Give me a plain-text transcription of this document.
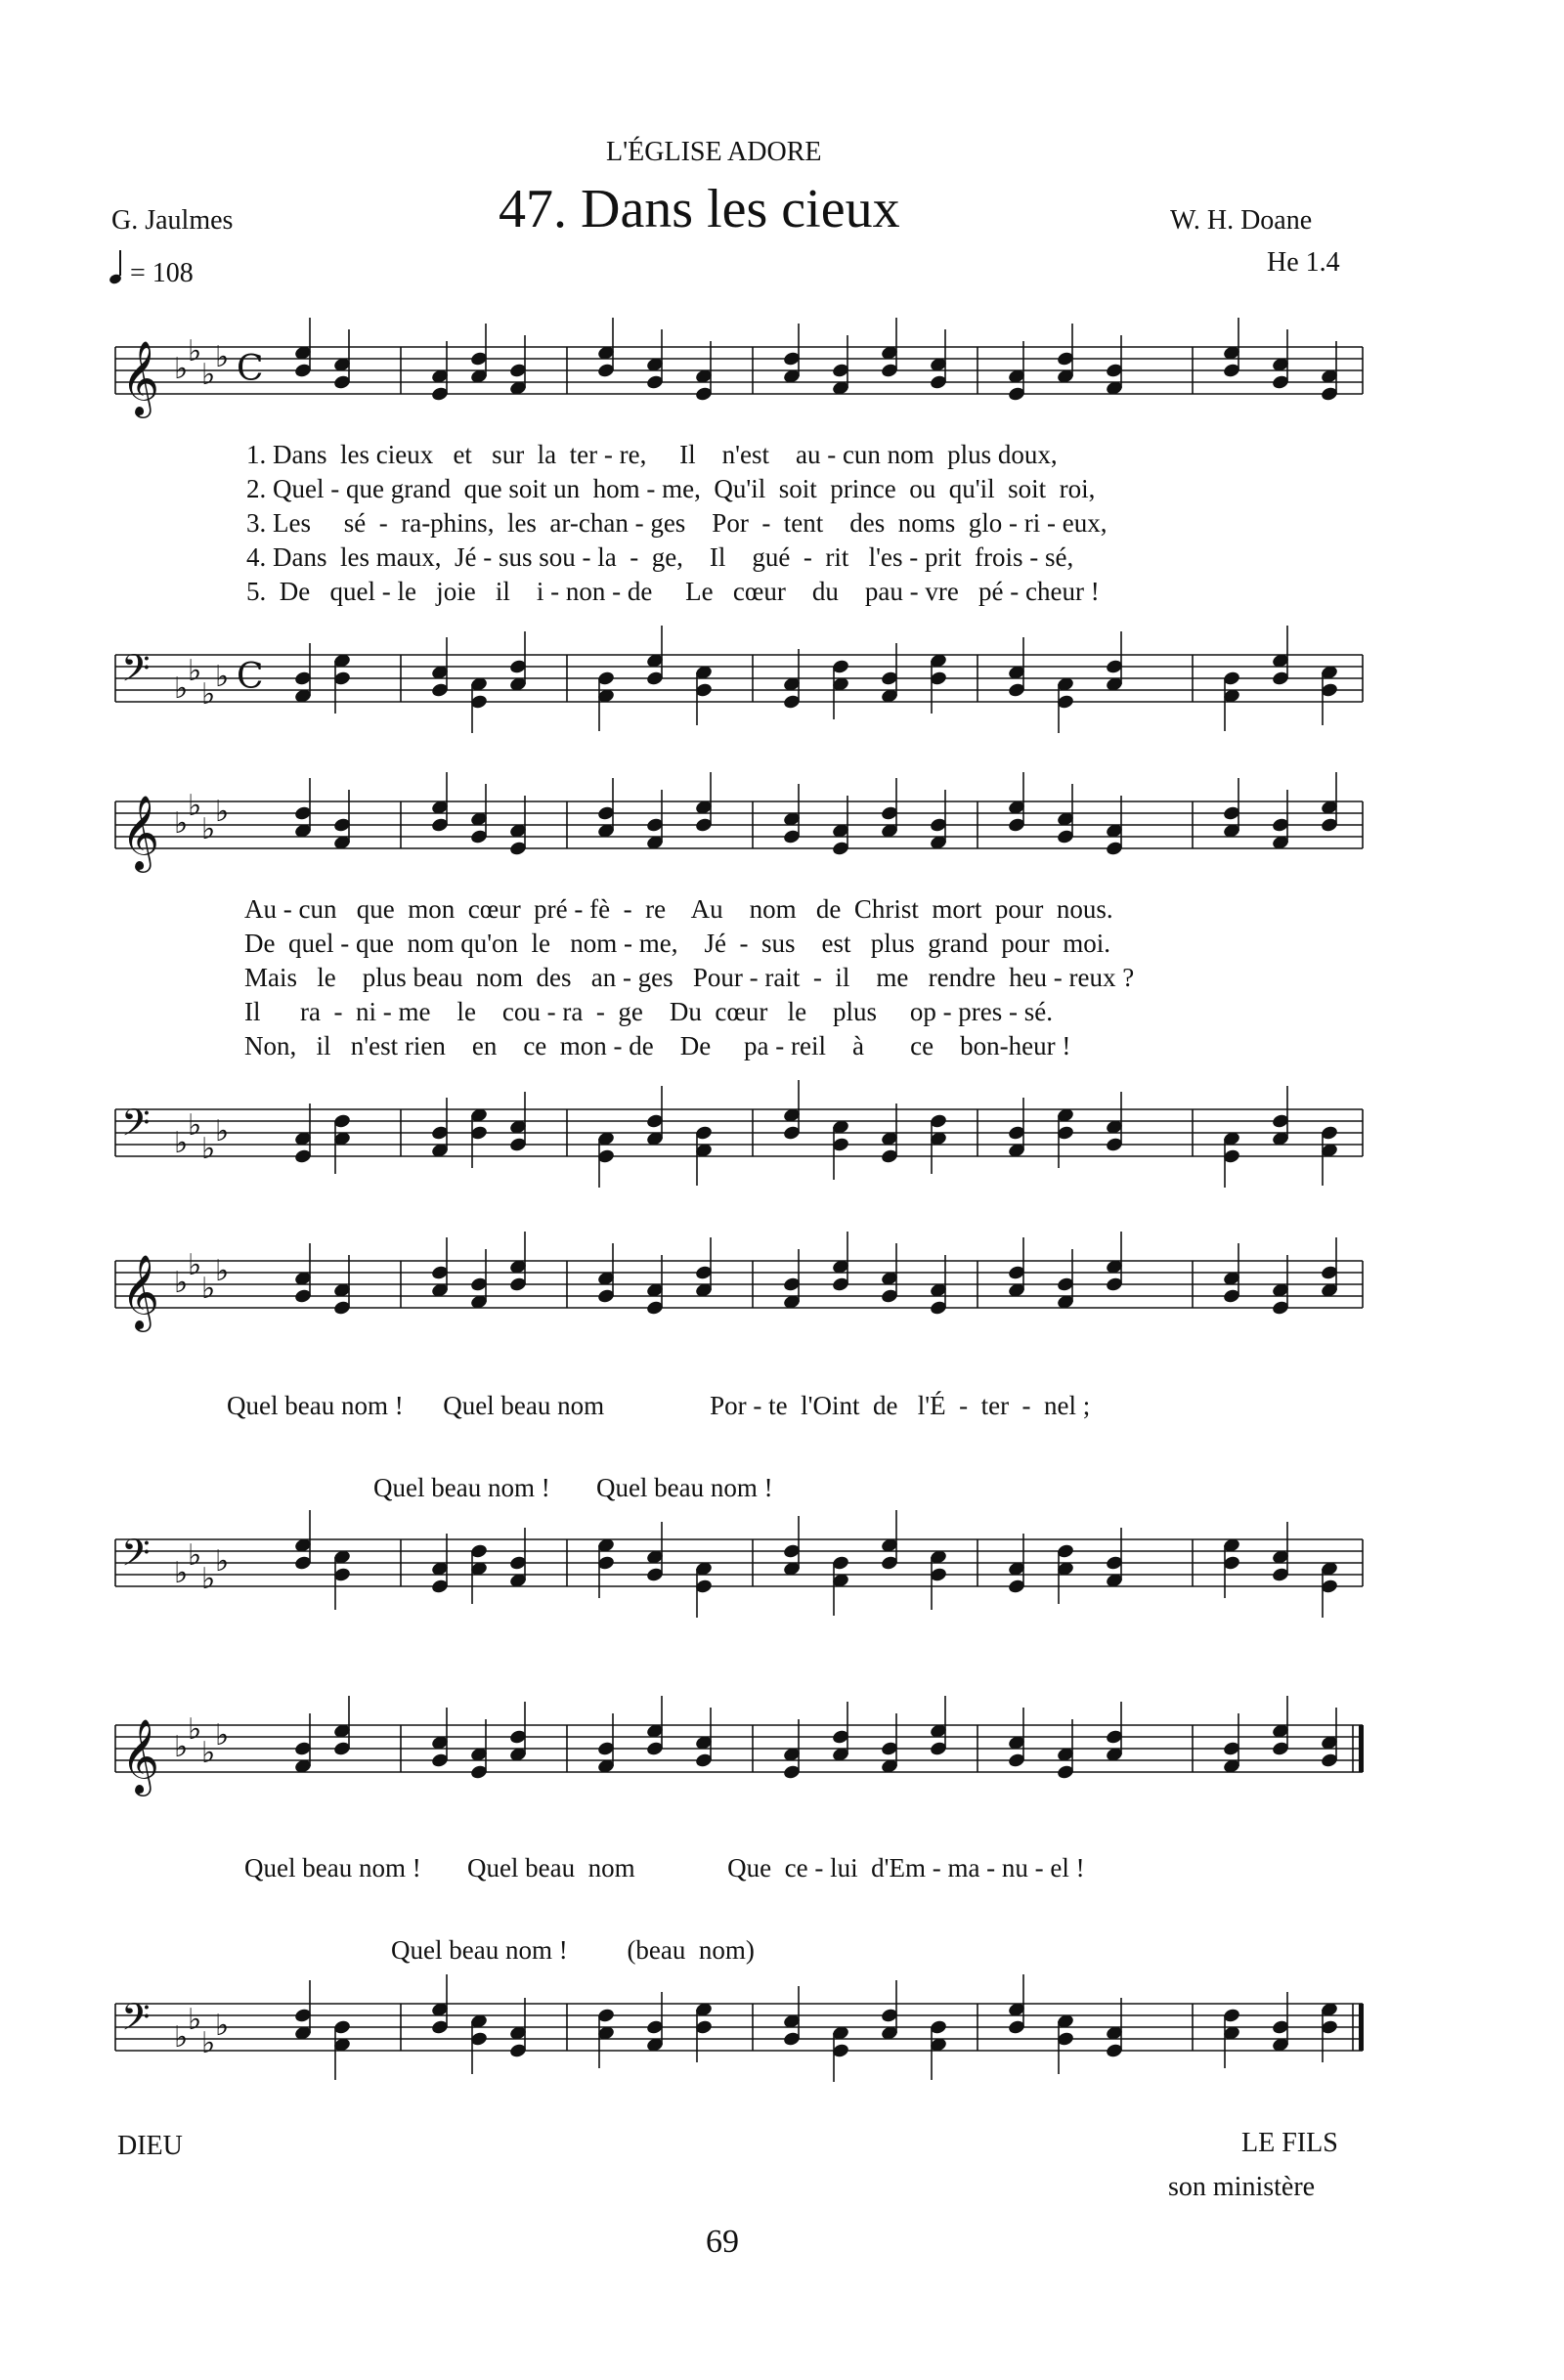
L'ÉGLISE ADORE
G. Jaulmes	47. Dans les cieux	W. H. Doane
He 1.4
= 108
𝄞 ♭
♭
♭
♭ C
𝄢 ♭
♭
♭
♭ C
𝄞 ♭
♭
♭
♭
𝄢 ♭
♭
♭
♭
𝄞 ♭
♭
♭
♭
𝄢 ♭
♭
♭
♭
𝄞 ♭
♭
♭
♭
𝄢 ♭
♭
♭
♭
1. Dans  les cieux   et   sur  la  ter - re,     Il    n'est    au - cun nom  plus doux,
2. Quel - que grand  que soit un  hom - me,  Qu'il  soit  prince  ou  qu'il  soit  roi,
3. Les     sé  -  ra-phins,  les  ar-chan - ges    Por  -  tent    des  noms  glo - ri - eux,
4. Dans  les maux,  Jé - sus sou - la  -  ge,    Il    gué  -  rit   l'es - prit  frois - sé,
5.  De   quel - le   joie   il    i - non - de     Le   cœur    du    pau - vre   pé - cheur !
Au - cun   que  mon  cœur  pré - fè  -  re    Au    nom   de  Christ  mort  pour  nous.
De  quel - que  nom qu'on  le   nom - me,    Jé  -  sus    est   plus  grand  pour  moi.
Mais   le    plus beau  nom  des   an - ges   Pour - rait  -  il    me   rendre  heu - reux ?
Il      ra  -  ni - me    le    cou - ra  -  ge    Du  cœur   le    plus     op - pres - sé.
Non,   il   n'est rien    en    ce  mon - de    De     pa - reil    à       ce    bon-heur !
Quel beau nom !      Quel beau nom                Por - te  l'Oint  de   l'É  -  ter  -  nel ;
Quel beau nom !       Quel beau nom !
Quel beau nom !       Quel beau  nom              Que  ce - lui  d'Em - ma - nu - el !
Quel beau nom !         (beau  nom)
DIEU	LE FILS
son ministère
69
